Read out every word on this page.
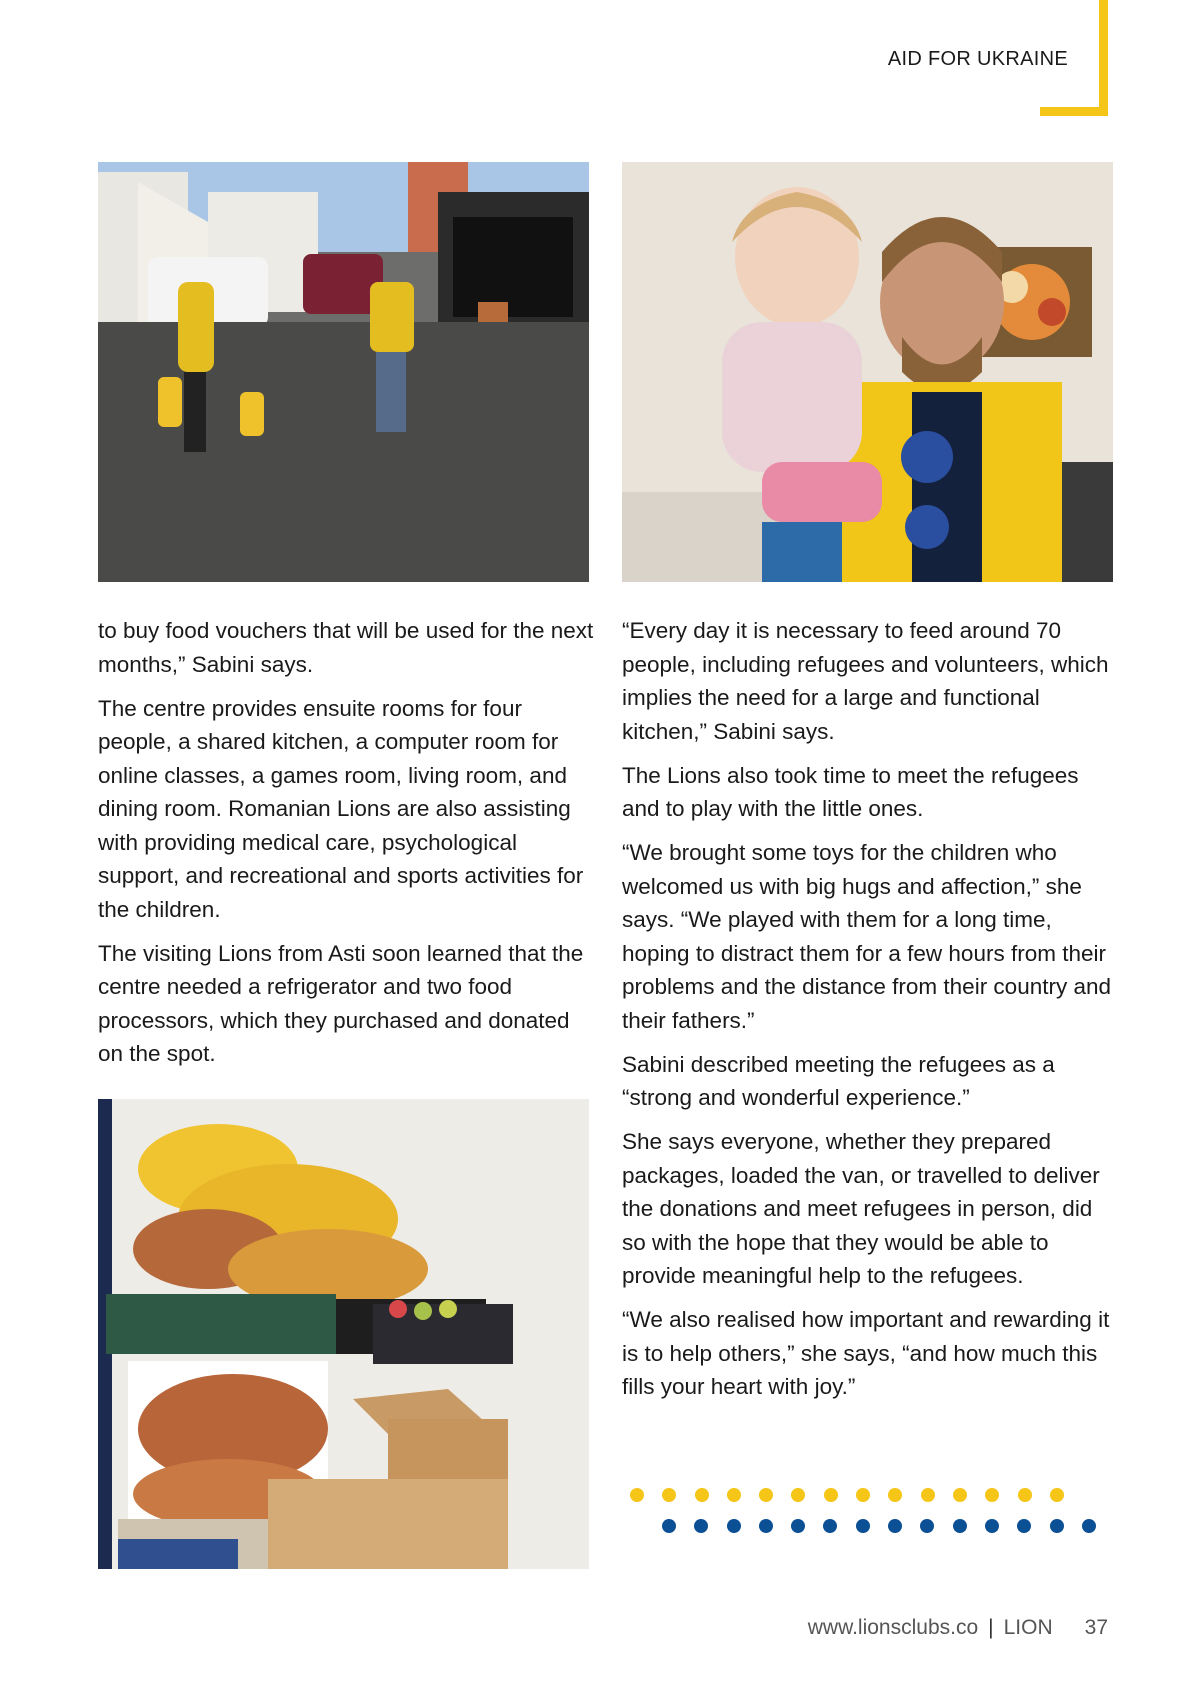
AID FOR UKRAINE

to buy food vouchers that will be used for the next months,” Sabini says.

The centre provides ensuite rooms for four people, a shared kitchen, a computer room for online classes, a games room, living room, and dining room. Romanian Lions are also assisting with providing medical care, psychological support, and recreational and sports activities for the children.

The visiting Lions from Asti soon learned that the centre needed a refrigerator and two food processors, which they purchased and donated on the spot.

“Every day it is necessary to feed around 70 people, including refugees and volunteers, which implies the need for a large and functional kitchen,” Sabini says.

The Lions also took time to meet the refugees and to play with the little ones.

“We brought some toys for the children who welcomed us with big hugs and affection,” she says. “We played with them for a long time, hoping to distract them for a few hours from their problems and the distance from their country and their fathers.”

Sabini described meeting the refugees as a “strong and wonderful experience.”

She says everyone, whether they prepared packages, loaded the van, or travelled to deliver the donations and meet refugees in person, did so with the hope that they would be able to provide meaningful help to the refugees.

“We also realised how important and rewarding it is to help others,” she says, “and how much this fills your heart with joy.”

www.lionsclubs.co | LION 37
